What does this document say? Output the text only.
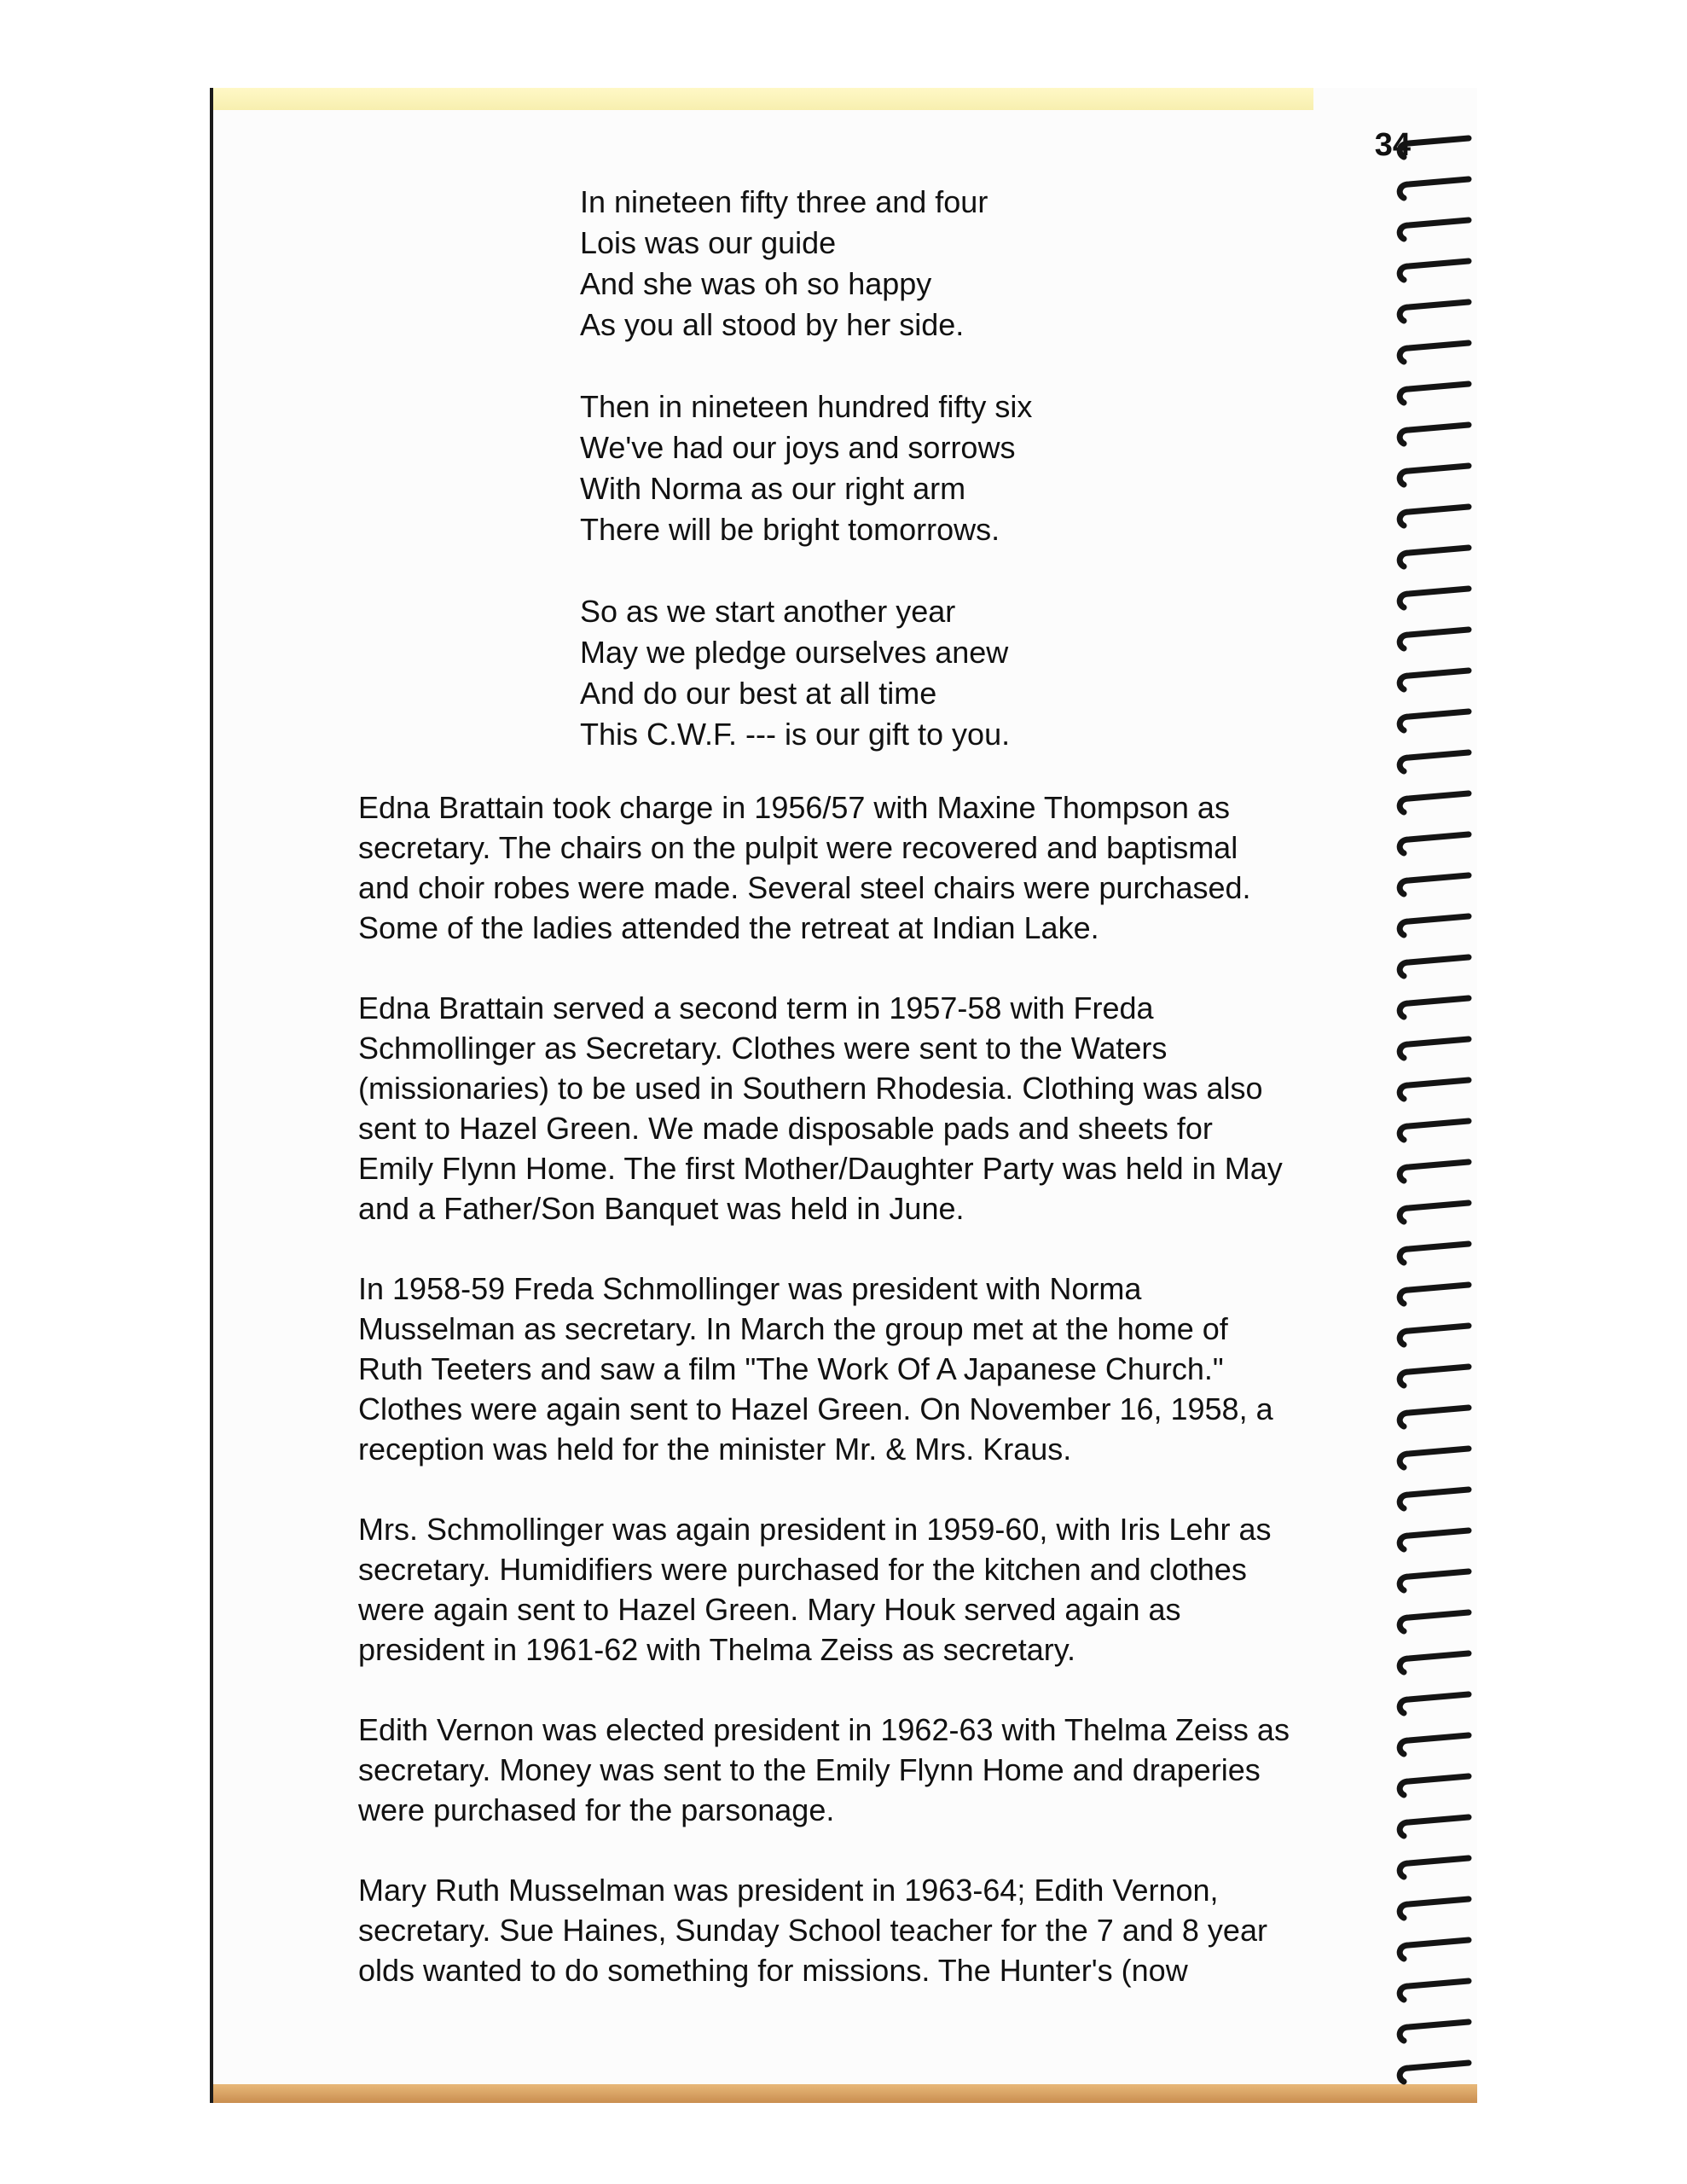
34
In nineteen fifty three and four
Lois was our guide
And she was oh so happy
As you all stood by her side.
Then in nineteen hundred fifty six
We've had our joys and sorrows
With Norma as our right arm
There will be bright tomorrows.
So as we start another year
May we pledge ourselves anew
And do our best at all time
This C.W.F. --- is our gift to you.
Edna Brattain took charge in 1956/57 with Maxine Thompson as
secretary. The chairs on the pulpit were recovered and baptismal
and choir robes were made. Several steel chairs were purchased.
Some of the ladies attended the retreat at Indian Lake.
Edna Brattain served a second term in 1957-58 with Freda
Schmollinger as Secretary. Clothes were sent to the Waters
(missionaries) to be used in Southern Rhodesia. Clothing was also
sent to Hazel Green. We made disposable pads and sheets for
Emily Flynn Home. The first Mother/Daughter Party was held in May
and a Father/Son Banquet was held in June.
In 1958-59 Freda Schmollinger was president with Norma
Musselman as secretary. In March the group met at the home of
Ruth Teeters and saw a film "The Work Of A Japanese Church."
Clothes were again sent to Hazel Green. On November 16, 1958, a
reception was held for the minister Mr. & Mrs. Kraus.
Mrs. Schmollinger was again president in 1959-60, with Iris Lehr as
secretary. Humidifiers were purchased for the kitchen and clothes
were again sent to Hazel Green. Mary Houk served again as
president in 1961-62 with Thelma Zeiss as secretary.
Edith Vernon was elected president in 1962-63 with Thelma Zeiss as
secretary. Money was sent to the Emily Flynn Home and draperies
were purchased for the parsonage.
Mary Ruth Musselman was president in 1963-64; Edith Vernon,
secretary. Sue Haines, Sunday School teacher for the 7 and 8 year
olds wanted to do something for missions. The Hunter's (now
